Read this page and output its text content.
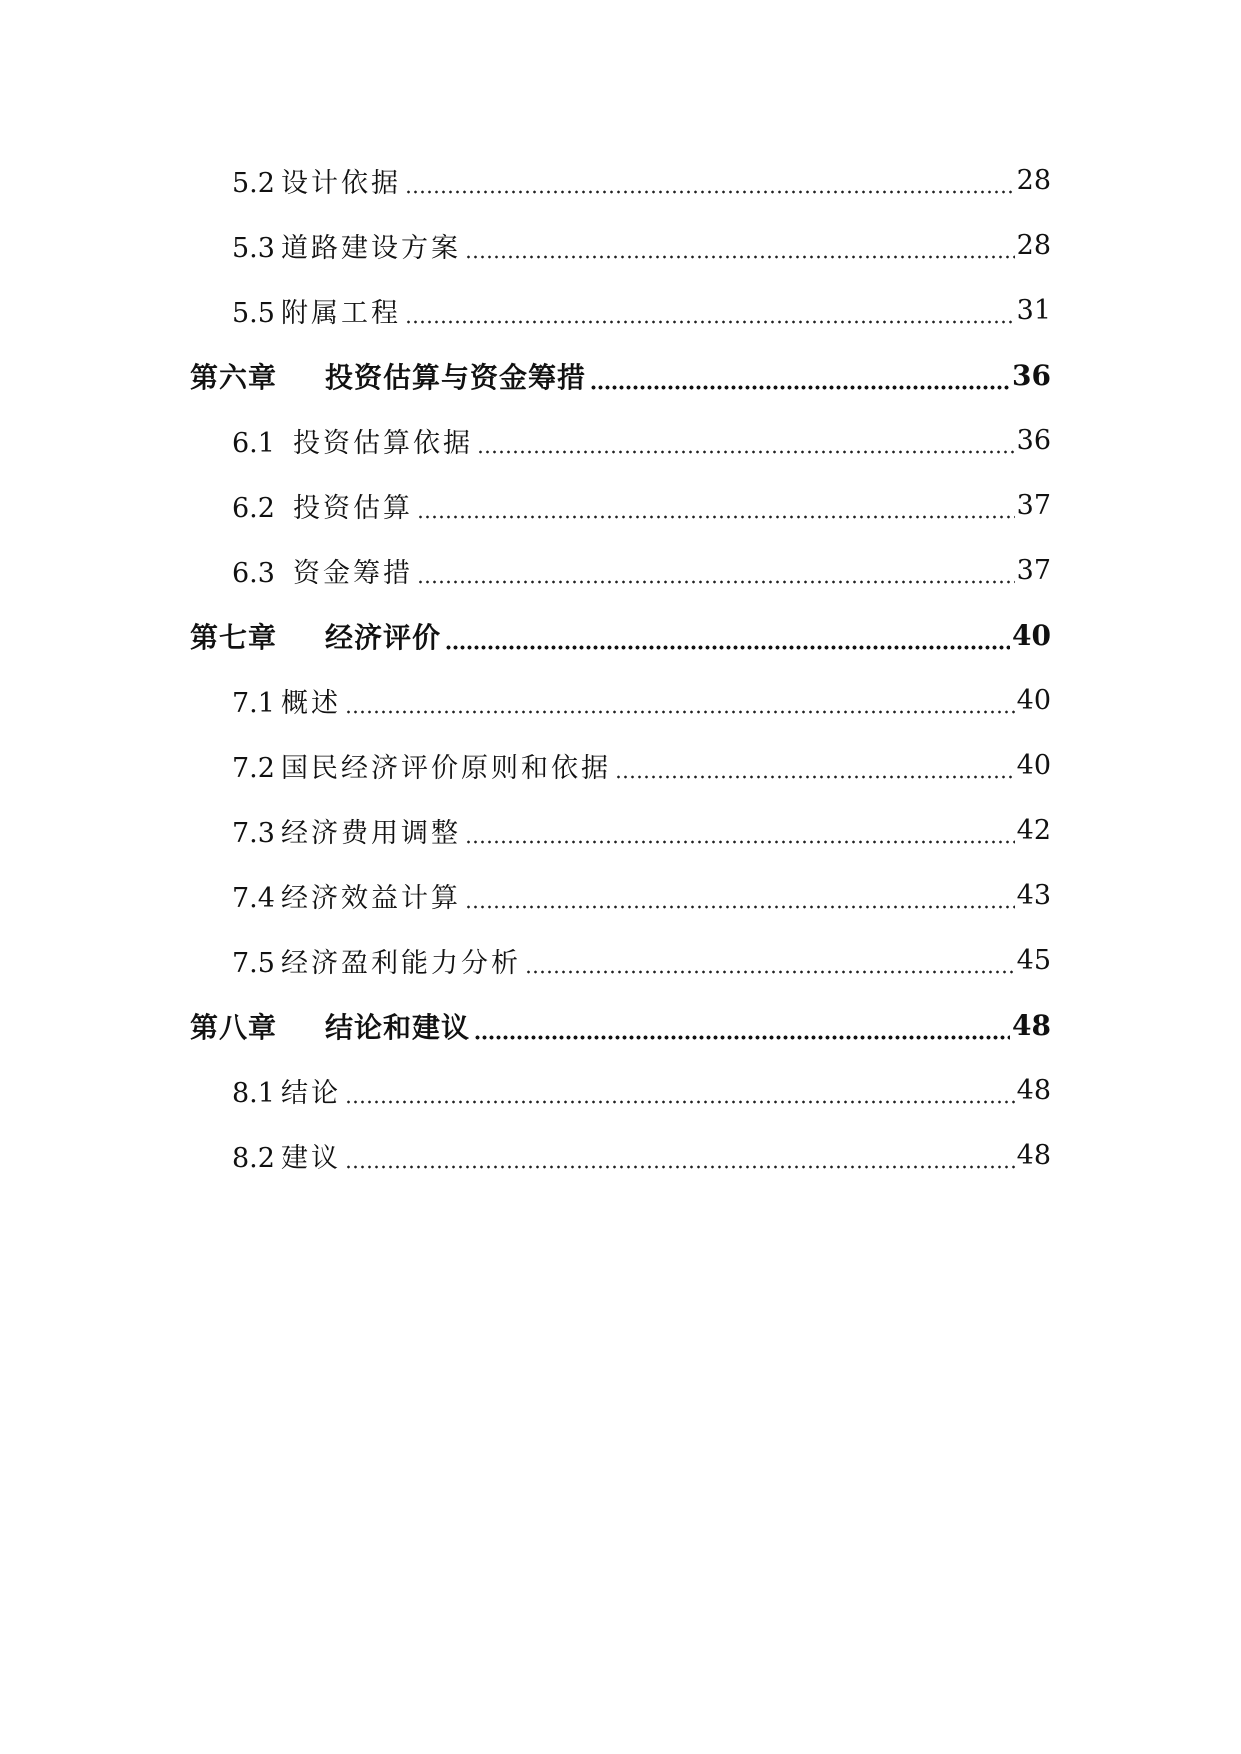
5.2 设计依据	28
5.3 道路建设方案	28
5.5 附属工程	31
第六章 投资估算与资金筹措	36
6.1 投资估算依据	36
6.2 投资估算	37
6.3 资金筹措	37
第七章 经济评价	40
7.1 概述	40
7.2 国民经济评价原则和依据	40
7.3 经济费用调整	42
7.4 经济效益计算	43
7.5 经济盈利能力分析	45
第八章 结论和建议	48
8.1 结论	48
8.2 建议	48
